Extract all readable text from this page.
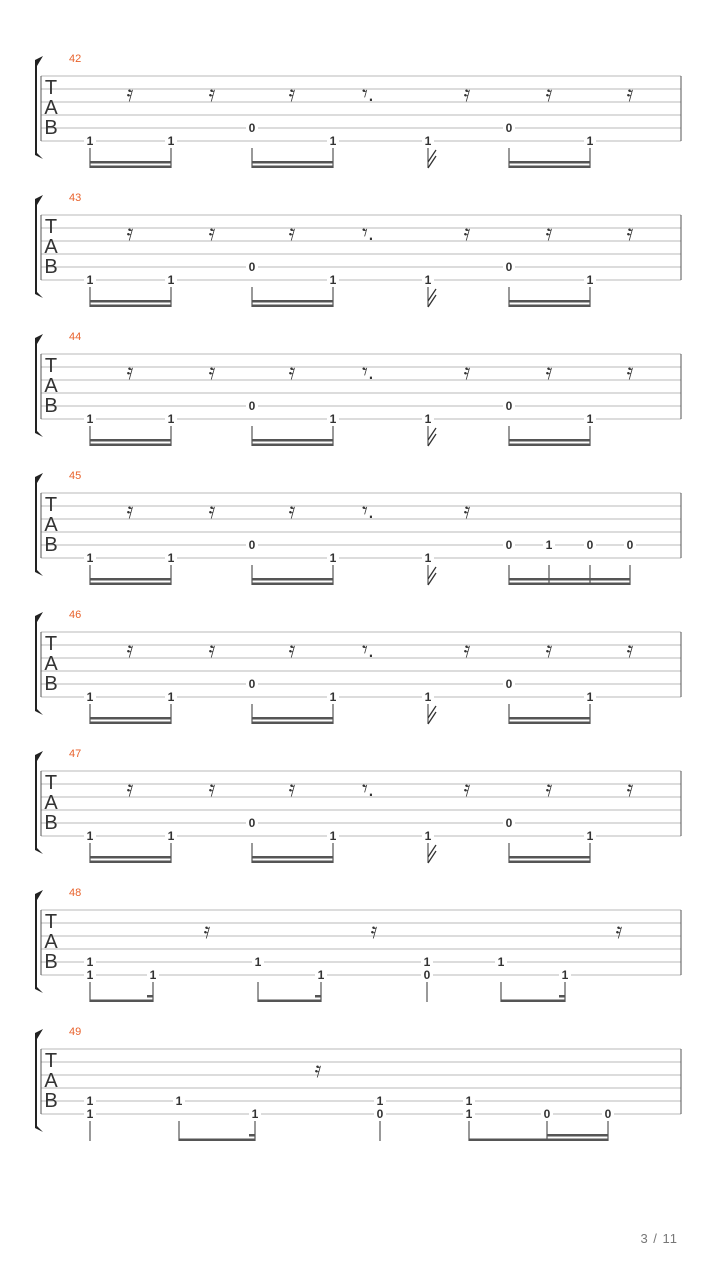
T
A
B
42
𝄿	𝄿	𝄿	𝄾.	𝄿	𝄿	𝄿
1	1
0
1	1
0
1
T
A
B
43
𝄿	𝄿	𝄿	𝄾.	𝄿	𝄿	𝄿
1	1
0
1	1
0
1
T
A
B
44
𝄿	𝄿	𝄿	𝄾.	𝄿	𝄿	𝄿
1	1
0
1	1
0
1
T
A
B
45
𝄿	𝄿	𝄿	𝄾.	𝄿
1	1
0
1	1
0	1	0	0
T
A
B
46
𝄿	𝄿	𝄿	𝄾.	𝄿	𝄿	𝄿
1	1
0
1	1
0
1
T
A
B
47
𝄿	𝄿	𝄿	𝄾.	𝄿	𝄿	𝄿
1	1
0
1	1
0
1
T
A
B
48
𝄿	𝄿	𝄿
1
1	1
1
1
1
0
1
1
T
A
B
49
𝄿
1
1
1
1
1
0
1
1	0	0
3 / 11
